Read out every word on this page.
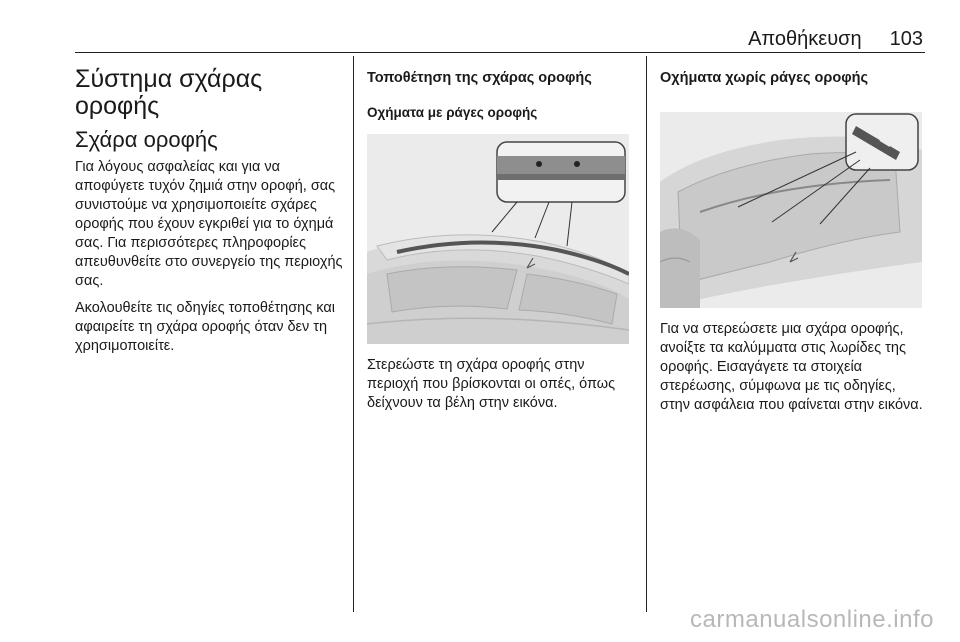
Αποθήκευση 103
Σύστημα σχάρας οροφής
Σχάρα οροφής

Για λόγους ασφαλείας και για να αποφύγετε τυχόν ζημιά στην οροφή, σας συνιστούμε να χρησιμοποιείτε σχάρες οροφής που έχουν εγκριθεί για το όχημά σας. Για περισσότερες πληροφορίες απευθυνθείτε στο συνεργείο της περιοχής σας.

Ακολουθείτε τις οδηγίες τοποθέτησης και αφαιρείτε τη σχάρα οροφής όταν δεν τη χρησιμοποιείτε.

Τοποθέτηση της σχάρας οροφής
Οχήματα με ράγες οροφής

Στερεώστε τη σχάρα οροφής στην περιοχή που βρίσκονται οι οπές, όπως δείχνουν τα βέλη στην εικόνα.

Οχήματα χωρίς ράγες οροφής

Για να στερεώσετε μια σχάρα οροφής, ανοίξτε τα καλύμματα στις λωρίδες της οροφής. Εισαγάγετε τα στοιχεία στερέωσης, σύμφωνα με τις οδηγίες, στην ασφάλεια που φαίνεται στην εικόνα.

carmanualsonline.info
